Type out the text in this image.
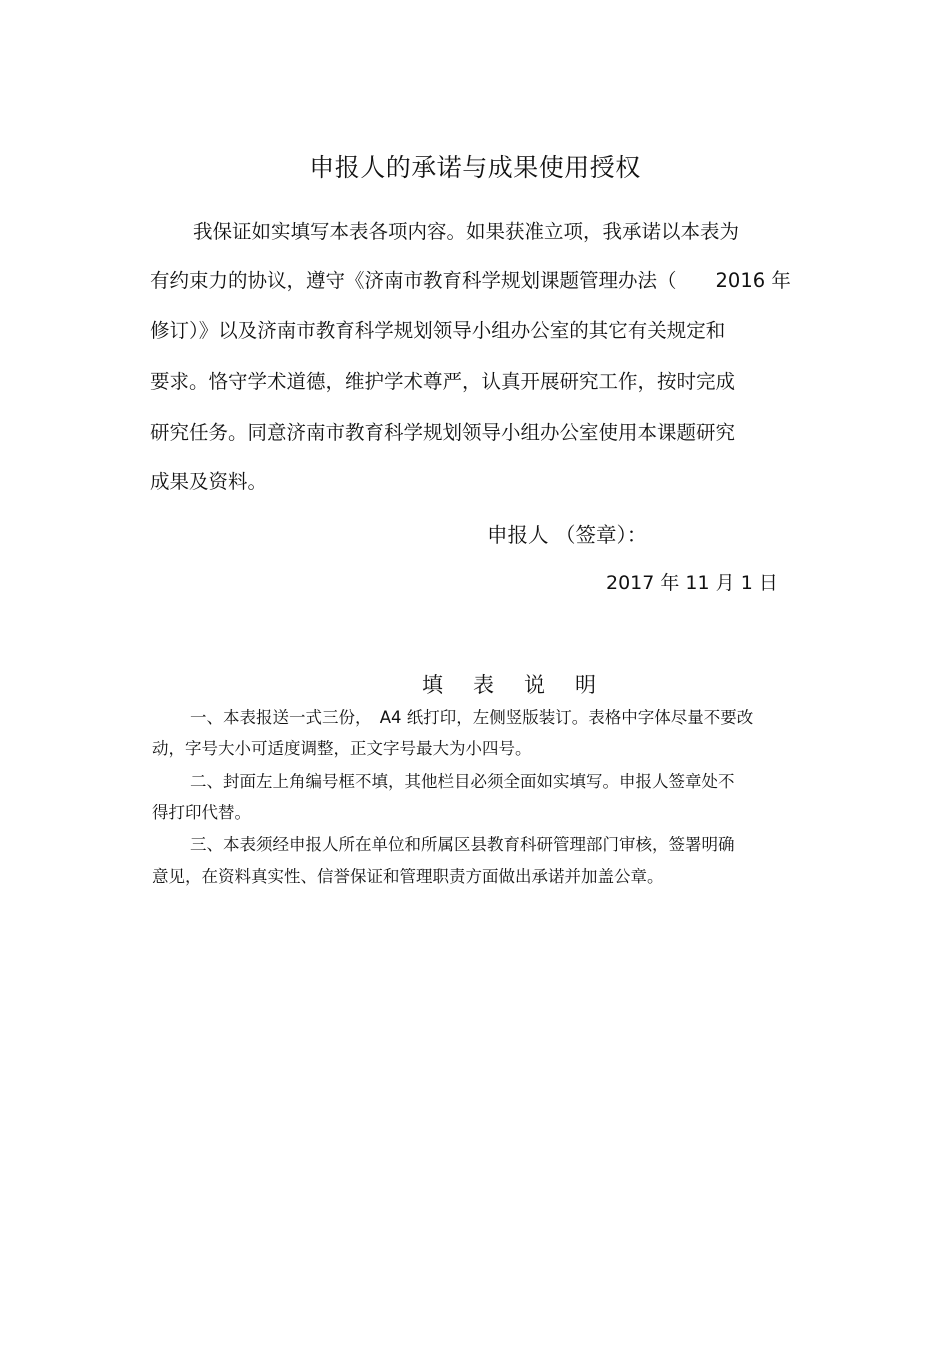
申报人的承诺与成果使用授权
我保证如实填写本表各项内容。如果获准立项，我承诺以本表为
有约束力的协议，遵守《济南市教育科学规划课题管理办法（　　2016 年
修订）》以及济南市教育科学规划领导小组办公室的其它有关规定和
要求。恪守学术道德，维护学术尊严，认真开展研究工作，按时完成
研究任务。同意济南市教育科学规划领导小组办公室使用本课题研究
成果及资料。
申报人 （签章）：
2017 年 11 月 1 日
填表说明
一、本表报送一式三份，　A4 纸打印，左侧竖版装订。表格中字体尽量不要改
动，字号大小可适度调整，正文字号最大为小四号。
二、封面左上角编号框不填，其他栏目必须全面如实填写。申报人签章处不
得打印代替。
三、本表须经申报人所在单位和所属区县教育科研管理部门审核，签署明确
意见，在资料真实性、信誉保证和管理职责方面做出承诺并加盖公章。
